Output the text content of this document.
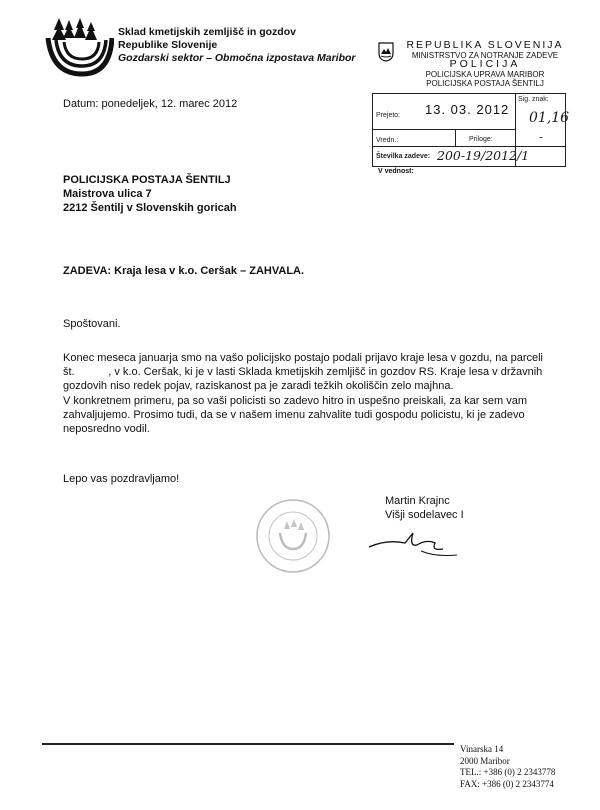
Sklad kmetijskih zemljišč in gozdov
Republike Slovenije
Gozdarski sektor – Območna izpostava Maribor
REPUBLIKA SLOVENIJA
MINISTRSTVO ZA NOTRANJE ZADEVE
POLICIJA
POLICIJSKA UPRAVA MARIBOR
POLICIJSKA POSTAJA ŠENTILJ
Prejeto: 13. 03. 2012
Sig. znak:
01,16
Vredn.:	Priloge:	-
Številka zadeve: 200-19/2012/1
V vednost:
Datum: ponedeljek, 12. marec 2012
POLICIJSKA POSTAJA ŠENTILJ
Maistrova ulica 7
2212 Šentilj v Slovenskih goricah
ZADEVA: Kraja lesa v k.o. Ceršak – ZAHVALA.
Spoštovani.

Konec meseca januarja smo na vašo policijsko postajo podali prijavo kraje lesa v gozdu, na parceli št.           , v k.o. Ceršak, ki je v lasti Sklada kmetijskih zemljišč in gozdov RS. Kraje lesa v državnih gozdovih niso redek pojav, raziskanost pa je zaradi težkih okoliščin zelo majhna.

V konkretnem primeru, pa so vaši policisti so zadevo hitro in uspešno preiskali, za kar sem vam zahvaljujemo. Prosimo tudi, da se v našem imenu zahvalite tudi gospodu policistu, ki je zadevo neposredno vodil.

Lepo vas pozdravljamo!
Martin Krajnc
Višji sodelavec I
Vinarska 14
2000 Maribor
TEL.: +386 (0) 2 2343778
FAX: +386 (0) 2 2343774
